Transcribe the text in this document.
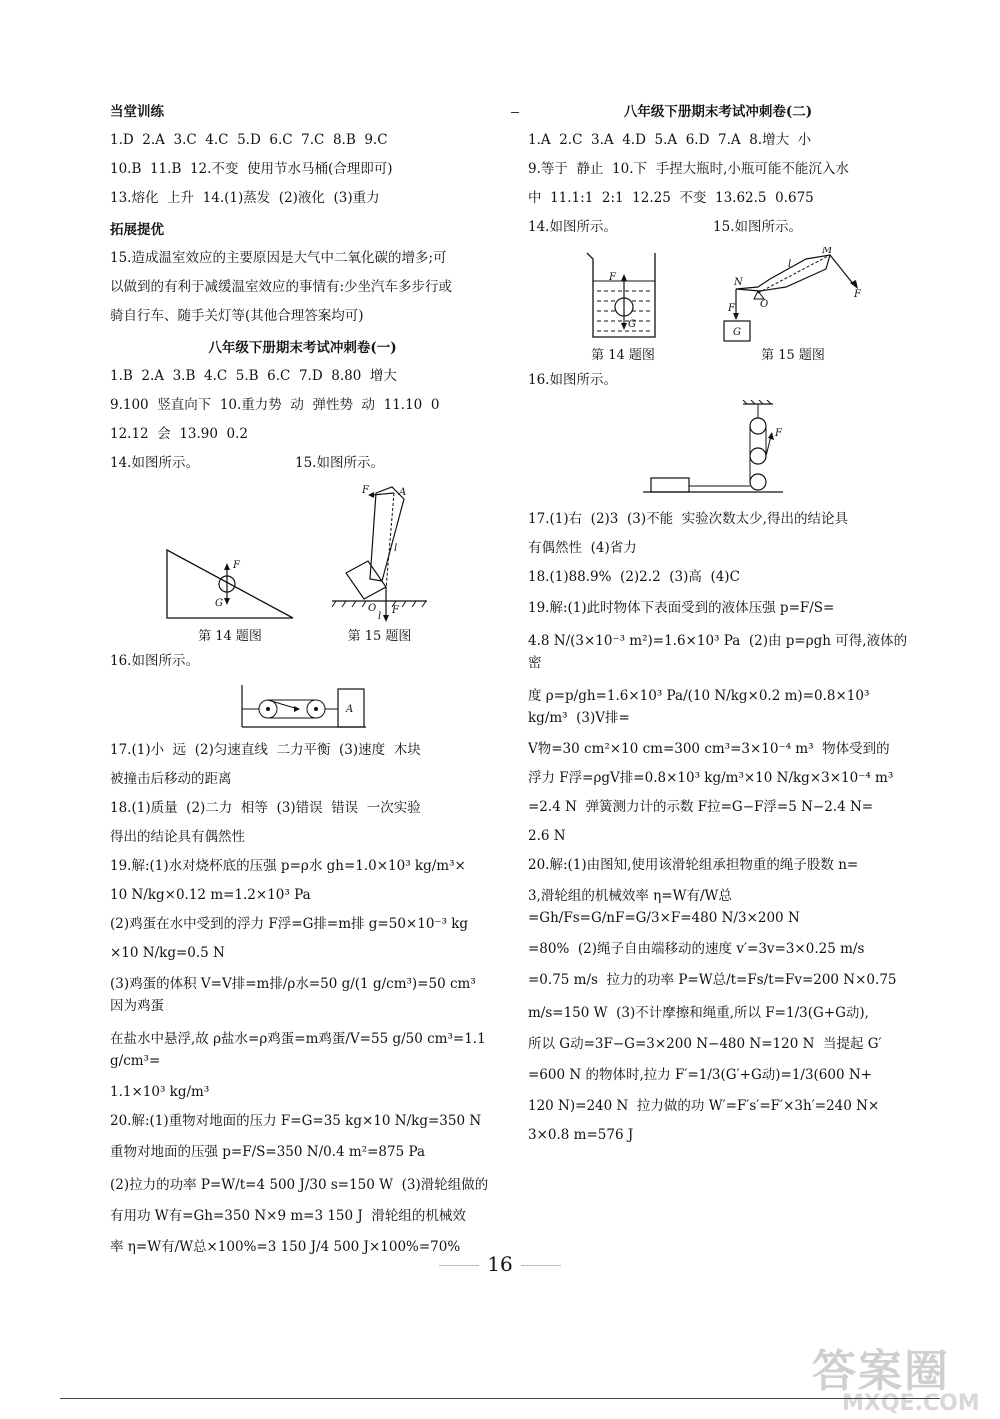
当堂训练
1.D  2.A  3.C  4.C  5.D  6.C  7.C  8.B  9.C
10.B  11.B  12.不变  使用节水马桶(合理即可)
13.熔化  上升  14.(1)蒸发  (2)液化  (3)重力
拓展提优
15.造成温室效应的主要原因是大气中二氧化碳的增多;可
以做到的有利于减缓温室效应的事情有:少坐汽车多步行或
骑自行车、随手关灯等(其他合理答案均可)
八年级下册期末考试冲刺卷(一)
1.B  2.A  3.B  4.C  5.B  6.C  7.D  8.80  增大
9.100  竖直向下  10.重力势  动  弹性势  动  11.10  0
12.12  会  13.90  0.2
14.如图所示。	15.如图所示。
F
G
第 14 题图
F	A
l
O
l
F
第 15 题图
16.如图所示。
A
17.(1)小  远  (2)匀速直线  二力平衡  (3)速度  木块
被撞击后移动的距离
18.(1)质量  (2)二力  相等  (3)错误  错误  一次实验
得出的结论具有偶然性
19.解:(1)水对烧杯底的压强 p=ρ水 gh=1.0×10³ kg/m³×
10 N/kg×0.12 m=1.2×10³ Pa
(2)鸡蛋在水中受到的浮力 F浮=G排=m排 g=50×10⁻³ kg
×10 N/kg=0.5 N
(3)鸡蛋的体积 V=V排=m排/ρ水=50 g/(1 g/cm³)=50 cm³  因为鸡蛋
在盐水中悬浮,故 ρ盐水=ρ鸡蛋=m鸡蛋/V=55 g/50 cm³=1.1 g/cm³=
1.1×10³ kg/m³
20.解:(1)重物对地面的压力 F=G=35 kg×10 N/kg=350 N
重物对地面的压强 p=F/S=350 N/0.4 m²=875 Pa
(2)拉力的功率 P=W/t=4 500 J/30 s=150 W  (3)滑轮组做的
有用功 W有=Gh=350 N×9 m=3 150 J  滑轮组的机械效
率 η=W有/W总×100%=3 150 J/4 500 J×100%=70%
八年级下册期末考试冲刺卷(二)
1.A  2.C  3.A  4.D  5.A  6.D  7.A  8.增大  小
9.等于  静止  10.下  手捏大瓶时,小瓶可能不能沉入水
中  11.1:1  2:1  12.25  不变  13.62.5  0.675
14.如图所示。	15.如图所示。
F
G
第 14 题图
N
F
G
l
M
F
O
第 15 题图
16.如图所示。
F
17.(1)右  (2)3  (3)不能  实验次数太少,得出的结论具
有偶然性  (4)省力
18.(1)88.9%  (2)2.2  (3)高  (4)C
19.解:(1)此时物体下表面受到的液体压强 p=F/S=
4.8 N/(3×10⁻³ m²)=1.6×10³ Pa  (2)由 p=ρgh 可得,液体的密
度 ρ=p/gh=1.6×10³ Pa/(10 N/kg×0.2 m)=0.8×10³ kg/m³  (3)V排=
V物=30 cm²×10 cm=300 cm³=3×10⁻⁴ m³  物体受到的
浮力 F浮=ρgV排=0.8×10³ kg/m³×10 N/kg×3×10⁻⁴ m³
=2.4 N  弹簧测力计的示数 F拉=G−F浮=5 N−2.4 N=
2.6 N
20.解:(1)由图知,使用该滑轮组承担物重的绳子股数 n=
3,滑轮组的机械效率 η=W有/W总=Gh/Fs=G/nF=G/3×F=480 N/3×200 N
=80%  (2)绳子自由端移动的速度 v′=3v=3×0.25 m/s
=0.75 m/s  拉力的功率 P=W总/t=Fs/t=Fv=200 N×0.75
m/s=150 W  (3)不计摩擦和绳重,所以 F=1/3(G+G动),
所以 G动=3F−G=3×200 N−480 N=120 N  当提起 G′
=600 N 的物体时,拉力 F′=1/3(G′+G动)=1/3(600 N+
120 N)=240 N  拉力做的功 W′=F′s′=F′×3h′=240 N×
3×0.8 m=576 J
16
答案圈
MXQE.COM
